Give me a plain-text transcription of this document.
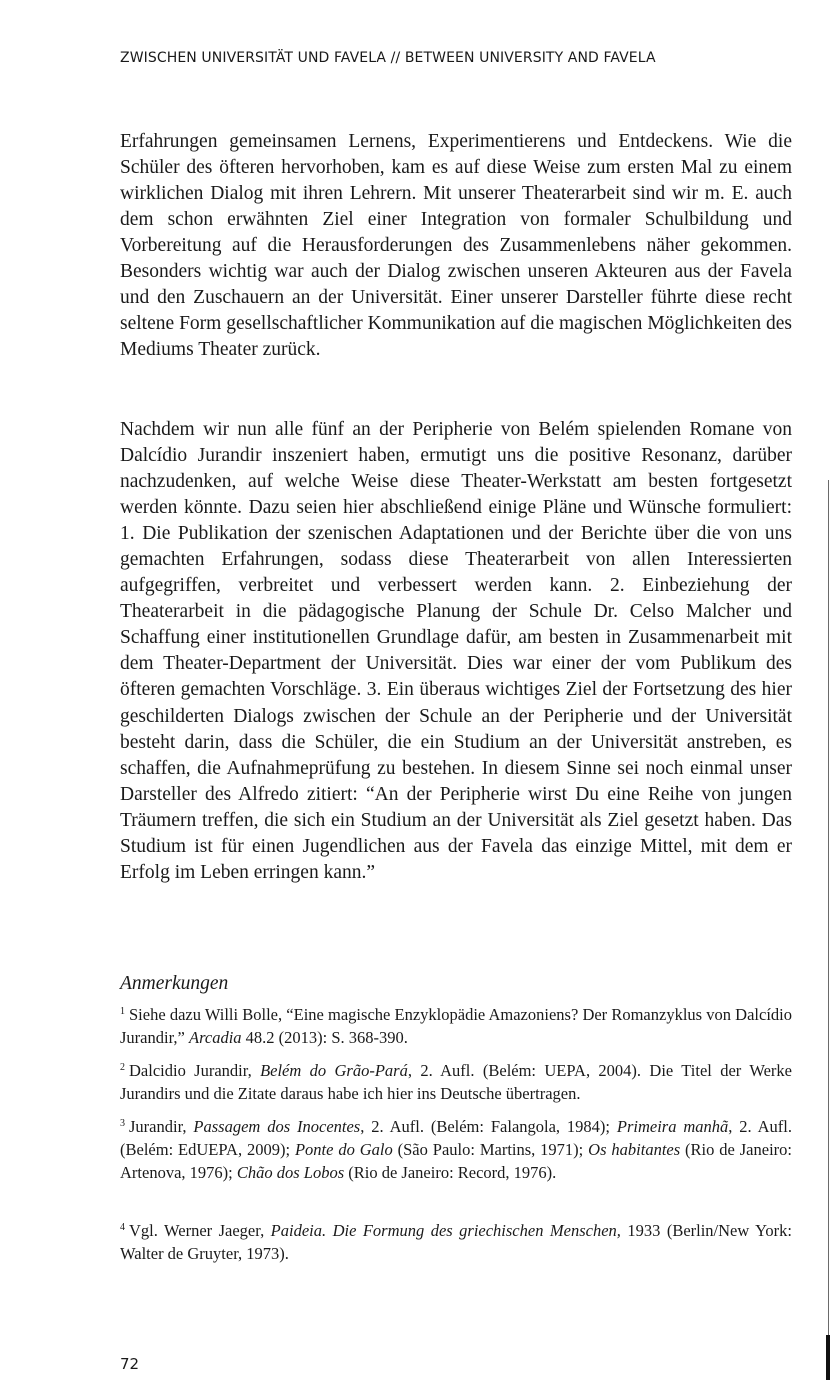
ZWISCHEN UNIVERSITÄT UND FAVELA // BETWEEN UNIVERSITY AND FAVELA

Erfahrungen gemeinsamen Lernens, Experimentierens und Entdeckens. Wie die Schüler des öfteren hervorhoben, kam es auf diese Weise zum ersten Mal zu einem wirklichen Dialog mit ihren Lehrern. Mit unserer Theaterarbeit sind wir m. E. auch dem schon erwähnten Ziel einer Integration von formaler Schulbildung und Vorbereitung auf die Herausforderungen des Zusammenlebens näher gekommen. Besonders wichtig war auch der Dialog zwischen unseren Akteuren aus der Favela und den Zuschauern an der Universität. Einer unserer Darsteller führte diese recht seltene Form gesellschaftlicher Kommunikation auf die magischen Möglichkeiten des Mediums Theater zurück.

Nachdem wir nun alle fünf an der Peripherie von Belém spielenden Romane von Dalcídio Jurandir inszeniert haben, ermutigt uns die positive Resonanz, darüber nachzudenken, auf welche Weise diese Theater-Werkstatt am besten fortgesetzt werden könnte. Dazu seien hier abschließend einige Pläne und Wünsche formuliert: 1. Die Publikation der szenischen Adaptationen und der Berichte über die von uns gemachten Erfahrungen, sodass diese Theaterarbeit von allen Interessierten aufgegriffen, verbreitet und verbessert werden kann. 2. Einbeziehung der Theaterarbeit in die pädagogische Planung der Schule Dr. Celso Malcher und Schaffung einer institutionellen Grundlage dafür, am besten in Zusammenarbeit mit dem Theater-Department der Universität. Dies war einer der vom Publikum des öfteren gemachten Vorschläge. 3. Ein überaus wichtiges Ziel der Fortsetzung des hier geschilderten Dialogs zwischen der Schule an der Peripherie und der Universität besteht darin, dass die Schüler, die ein Studium an der Universität anstreben, es schaffen, die Aufnahmeprüfung zu bestehen. In diesem Sinne sei noch einmal unser Darsteller des Alfredo zitiert: “An der Peripherie wirst Du eine Reihe von jungen Träumern treffen, die sich ein Studium an der Universität als Ziel gesetzt haben. Das Studium ist für einen Jugendlichen aus der Favela das einzige Mittel, mit dem er Erfolg im Leben erringen kann.”

Anmerkungen
$^1$ Siehe dazu Willi Bolle, “Eine magische Enzyklopädie Amazoniens? Der Romanzyklus von Dalcídio Jurandir,” Arcadia 48.2 (2013): S. 368-390.
$^2$ Dalcidio Jurandir, Belém do Grão-Pará, 2. Aufl. (Belém: UEPA, 2004). Die Titel der Werke Jurandirs und die Zitate daraus habe ich hier ins Deutsche übertragen.
$^3$ Jurandir, Passagem dos Inocentes, 2. Aufl. (Belém: Falangola, 1984); Primeira manhã, 2. Aufl. (Belém: EdUEPA, 2009); Ponte do Galo (São Paulo: Martins, 1971); Os habitantes (Rio de Janeiro: Artenova, 1976); Chão dos Lobos (Rio de Janeiro: Record, 1976).
$^4$ Vgl. Werner Jaeger, Paideia. Die Formung des griechischen Menschen, 1933 (Berlin/New York: Walter de Gruyter, 1973).
72
